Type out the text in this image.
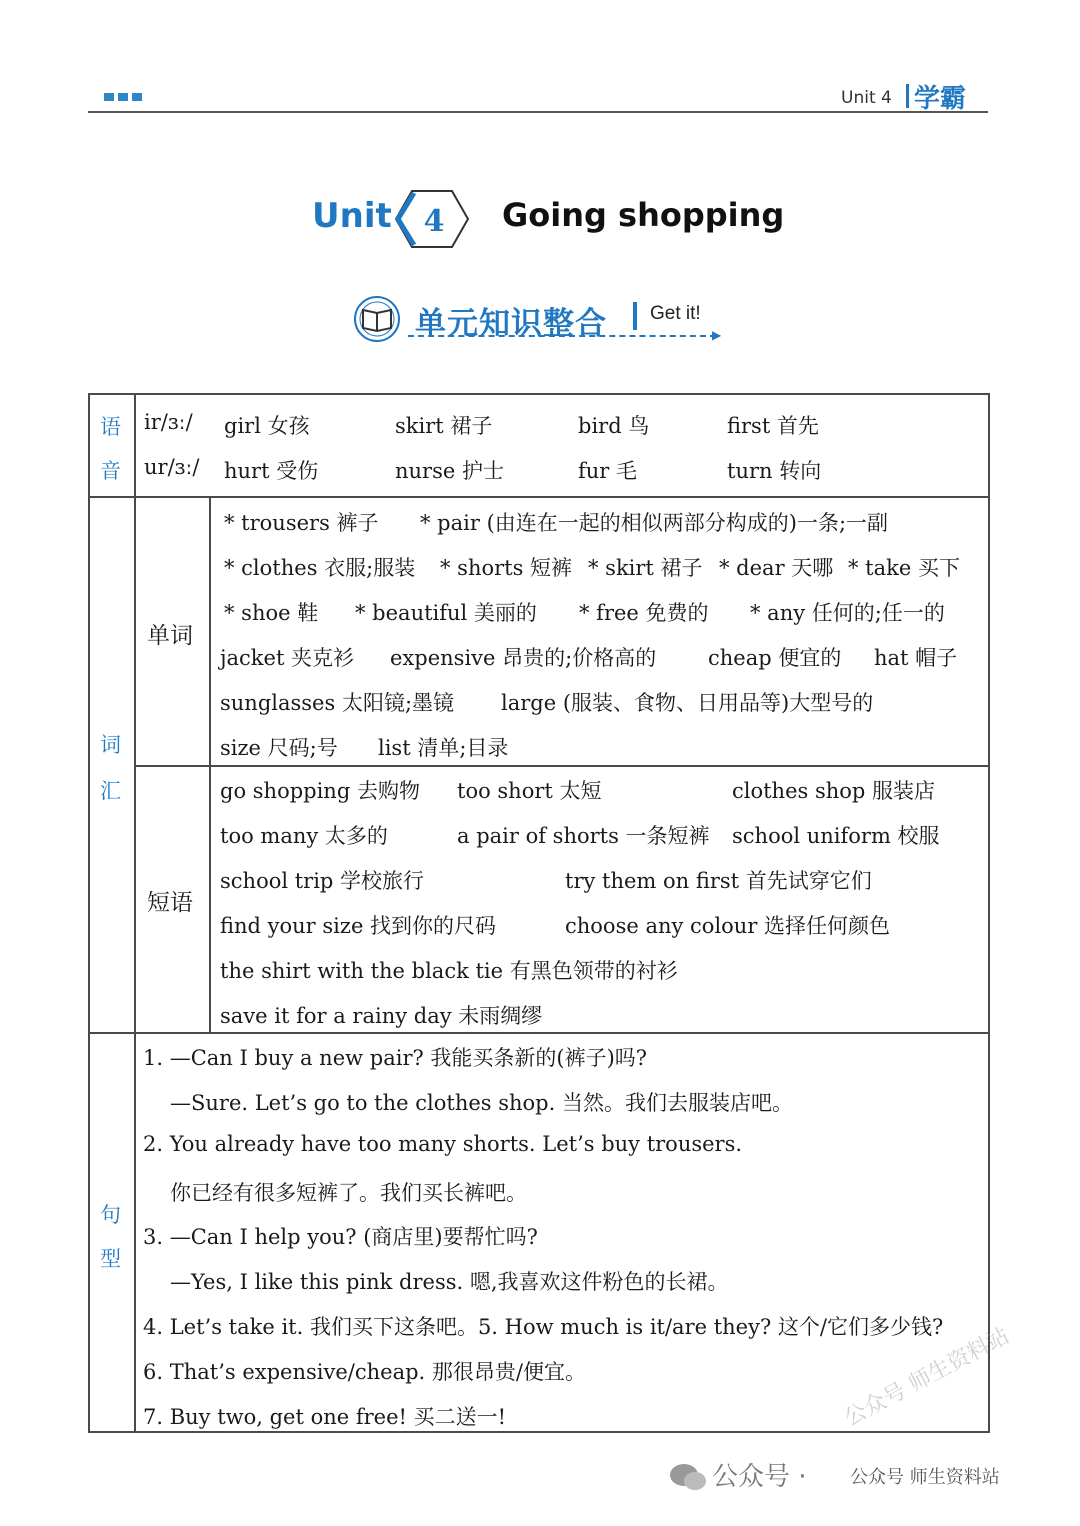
Unit 4 学霸
Unit 4 Going shopping
单元知识整合 Get it!
▶
语
音
词
汇
句
型
单词
短语
ir/ɜː/ girl 女孩	skirt 裙子	bird 鸟	first 首先
ur/ɜː/ hurt 受伤	nurse 护士	fur 毛	turn 转向
* trousers 裤子 * pair (由连在一起的相似两部分构成的)一条;一副
* clothes 衣服;服装 * shorts 短裤 * skirt 裙子 * dear 天哪 * take 买下
* shoe 鞋 * beautiful 美丽的 * free 免费的 * any 任何的;任一的
jacket 夹克衫 expensive 昂贵的;价格高的 cheap 便宜的 hat 帽子
sunglasses 太阳镜;墨镜 large (服装、食物、日用品等)大型号的
size 尺码;号 list 清单;目录
go shopping 去购物 too short 太短	clothes shop 服装店
too many 太多的	a pair of shorts 一条短裤 school uniform 校服
school trip 学校旅行	try them on first 首先试穿它们
find your size 找到你的尺码	choose any colour 选择任何颜色
the shirt with the black tie 有黑色领带的衬衫
save it for a rainy day 未雨绸缪
1. —Can I buy a new pair? 我能买条新的(裤子)吗?
—Sure. Let’s go to the clothes shop. 当然。我们去服装店吧。
2. You already have too many shorts. Let’s buy trousers.
你已经有很多短裤了。我们买长裤吧。
3. —Can I help you? (商店里)要帮忙吗?
—Yes, I like this pink dress. 嗯,我喜欢这件粉色的长裙。
4. Let’s take it. 我们买下这条吧。5. How much is it/are they? 这个/它们多少钱?
6. That’s expensive/cheap. 那很昂贵/便宜。
7. Buy two, get one free! 买二送一!	公众号 师生资料站
公众号 · 公众号 师生资料站
